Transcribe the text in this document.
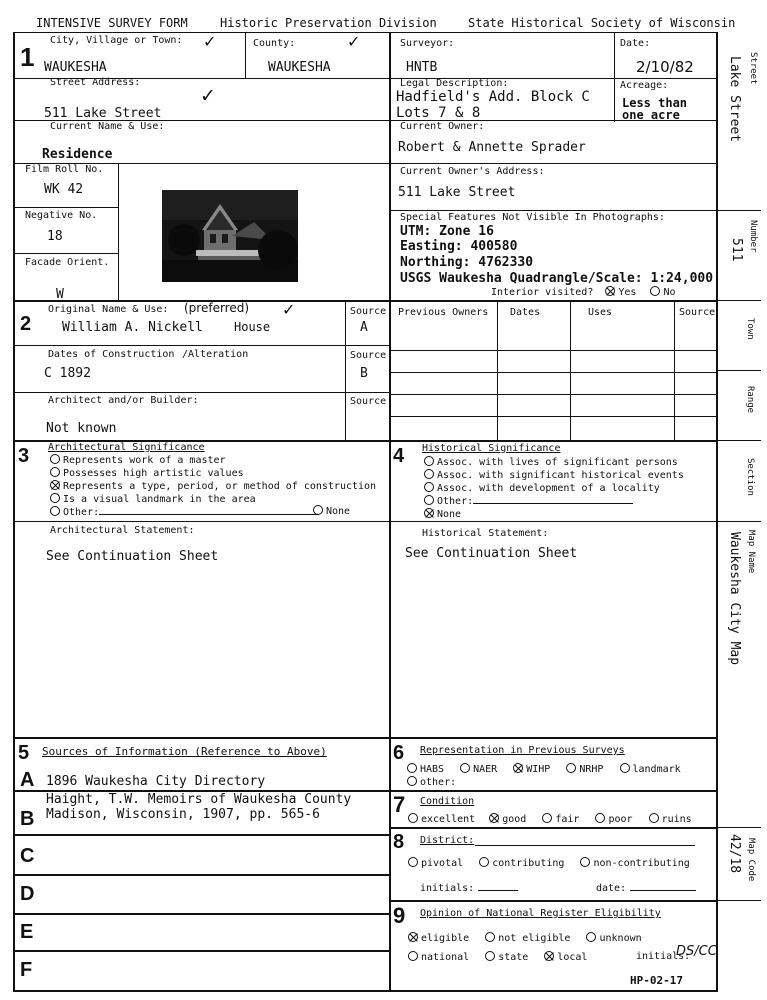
INTENSIVE SURVEY FORM	Historic Preservation Division	State Historical Society of Wisconsin
1
City, Village or Town: ✓
WAUKESHA
County:	✓
WAUKESHA
Surveyor:
HNTB
Date:
2/10/82
Street Address:
✓
511 Lake Street
Legal Description:
Hadfield's Add. Block C
Lots 7 & 8
Acreage:
Less than
one acre
Current Name & Use:
Residence
Current Owner:
Robert & Annette Sprader
Film Roll No.
WK 42
Current Owner's Address:
511 Lake Street
Negative No.
18
Special Features Not Visible In Photographs:
UTM: Zone 16
Easting: 400580
Northing: 4762330
USGS Waukesha Quadrangle/Scale: 1:24,000
Facade Orient.
W	Interior visited?	Yes	No
2
Original Name & Use: (preferred) ✓
William A. Nickell	House
Source
A
Dates of Construction /Alteration
C 1892
Source
B
Architect and/or Builder:
Not known
Source
Previous Owners Dates	Uses	Source
3 Architectural Significance
Represents work of a master
Possesses high artistic values
Represents a type, period, or method of construction
Is a visual landmark in the area
Other:	None
Architectural Statement:
See Continuation Sheet
4 Historical Significance
Assoc. with lives of significant persons
Assoc. with significant historical events
Assoc. with development of a locality
Other:
None
Historical Statement:
See Continuation Sheet
5 Sources of Information (Reference to Above)
A 1896 Waukesha City Directory
Haight, T.W. Memoirs of Waukesha County
B Madison, Wisconsin, 1907, pp. 565-6
C
D
E
F
6 Representation in Previous Surveys
HABS	NAER	WIHP	NRHP	landmark
other:
7 Condition
excellent	good	fair	poor	ruins
8 District:
pivotal	contributing	non-contributing
initials:	date:
9 Opinion of National Register Eligibility
eligible	not eligible	unknown
national	state	local	initials:
DS/CC
Street
Lake Street
Number
511
Town
Range
Section
Map Name
Waukesha City Map
Map Code
42/18
HP-02-17
